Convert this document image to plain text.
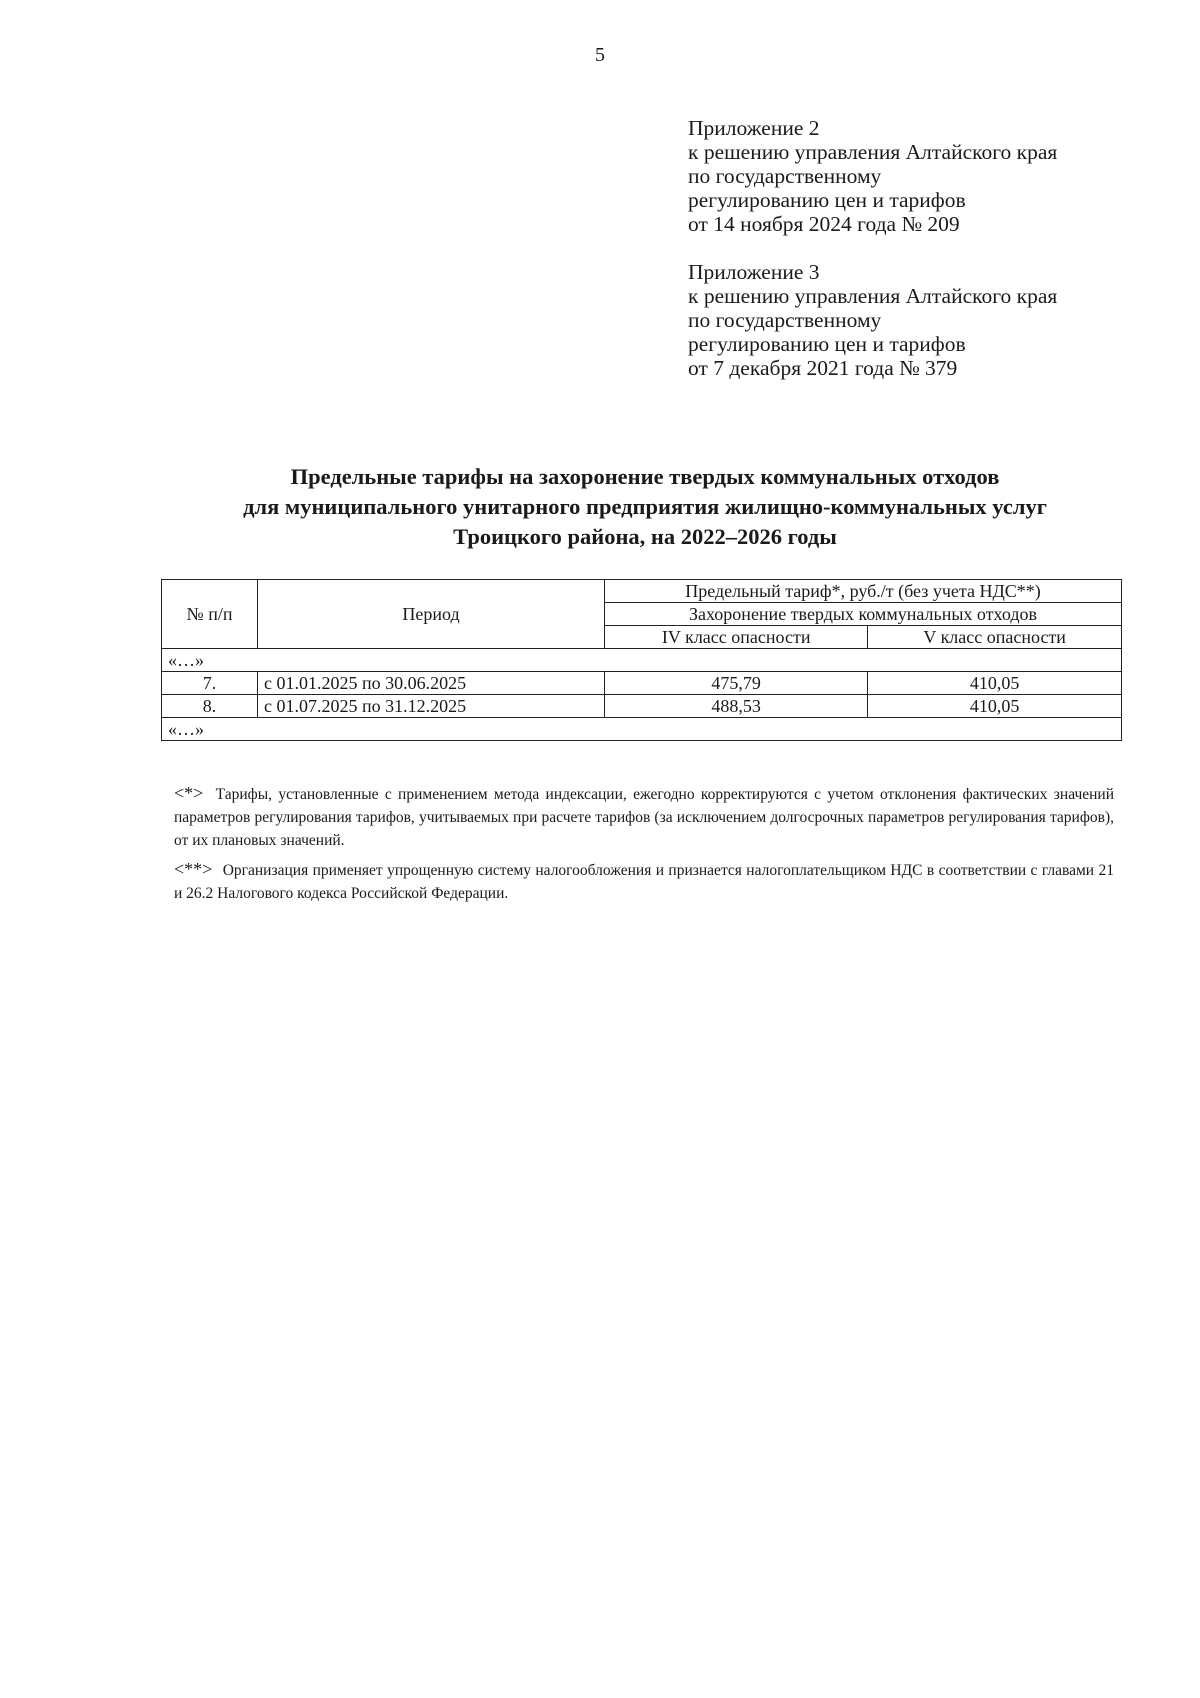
5
Приложение 2
к решению управления Алтайского края
по государственному
регулированию цен и тарифов
от 14 ноября 2024 года № 209
Приложение 3
к решению управления Алтайского края
по государственному
регулированию цен и тарифов
от 7 декабря 2021 года № 379
Предельные тарифы на захоронение твердых коммунальных отходов
для муниципального унитарного предприятия жилищно-коммунальных услуг
Троицкого района, на 2022–2026 годы
№ п/п	Период	Предельный тариф*, руб./т (без учета НДС**)	
		Захоронение твердых коммунальных отходов	
		IV класс опасности	V класс опасности
«…»			
7.	с 01.01.2025 по 30.06.2025	475,79	410,05
8.	с 01.07.2025 по 31.12.2025	488,53	410,05
«…»			
<*> Тарифы, установленные с применением метода индексации, ежегодно корректируются с учетом отклонения фактических значений параметров регулирования тарифов, учитываемых при расчете тарифов (за исключением долгосрочных параметров регулирования тарифов), от их плановых значений.
<**> Организация применяет упрощенную систему налогообложения и признается налогоплательщиком НДС в соответствии с главами 21 и 26.2 Налогового кодекса Российской Федерации.
